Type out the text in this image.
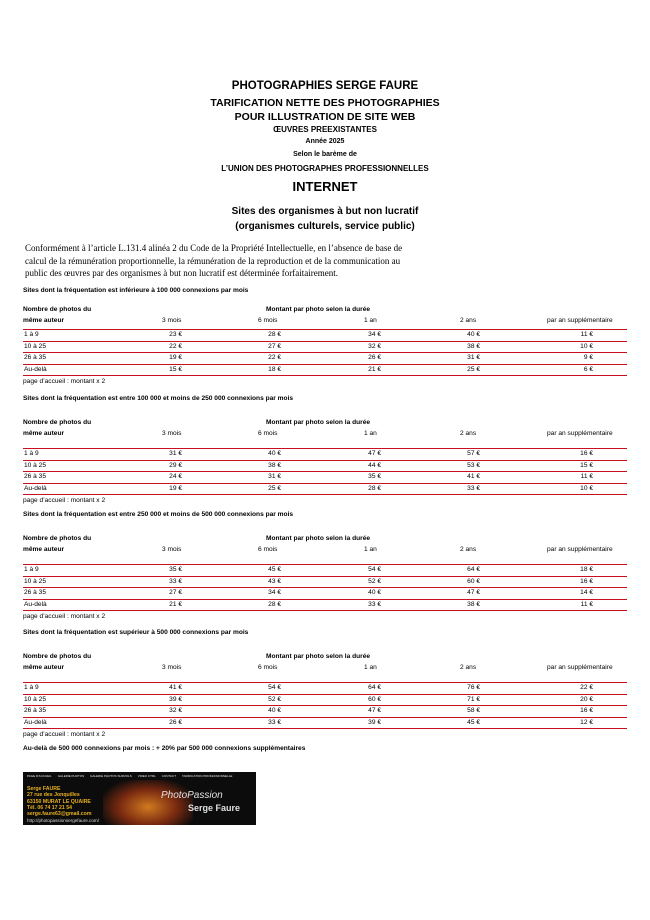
PHOTOGRAPHIES SERGE FAURE
TARIFICATION NETTE DES PHOTOGRAPHIES
POUR ILLUSTRATION DE SITE WEB
ŒUVRES PREEXISTANTES
Année 2025
Selon le barème de
L’UNION DES PHOTOGRAPHES PROFESSIONNELLES
INTERNET
Sites des organismes à but non lucratif
(organismes culturels, service public)

Conformément à l’article L.131.4 alinéa 2 du Code de la Propriété Intellectuelle, en l’absence de base de calcul de la rémunération proportionnelle, la rémunération de la reproduction et de la communication au public des œuvres par des organismes à but non lucratif est déterminée forfaitairement.

Sites dont la fréquentation est inférieure à 100 000 connexions par mois
Nombre de photos du
même auteur
Montant par photo selon la durée
3 mois	6 mois	1 an	2 ans	par an supplémentaire
1 à 9	23 €	28 €	34 €	40 €	11 €
10 à 25	22 €	27 €	32 €	38 €	10 €
26 à 35	19 €	22 €	26 €	31 €	9 €
Au-delà	15 €	18 €	21 €	25 €	6 €
page d’accueil : montant x 2
Sites dont la fréquentation est entre 100 000 et moins de 250 000 connexions par mois
Nombre de photos du
même auteur
Montant par photo selon la durée
3 mois	6 mois	1 an	2 ans	par an supplémentaire
1 à 9	31 €	40 €	47 €	57 €	16 €
10 à 25	29 €	38 €	44 €	53 €	15 €
26 à 35	24 €	31 €	35 €	41 €	11 €
Au-delà	19 €	25 €	28 €	33 €	10 €
page d’accueil : montant x 2
Sites dont la fréquentation est entre 250 000 et moins de 500 000 connexions par mois
Nombre de photos du
même auteur
Montant par photo selon la durée
3 mois	6 mois	1 an	2 ans	par an supplémentaire
1 à 9	35 €	45 €	54 €	64 €	18 €
10 à 25	33 €	43 €	52 €	60 €	16 €
26 à 35	27 €	34 €	40 €	47 €	14 €
Au-delà	21 €	28 €	33 €	38 €	11 €
page d’accueil : montant x 2
Sites dont la fréquentation est supérieur à 500 000 connexions par mois
Nombre de photos du
même auteur
Montant par photo selon la durée
3 mois	6 mois	1 an	2 ans	par an supplémentaire
1 à 9	41 €	54 €	64 €	76 €	22 €
10 à 25	39 €	52 €	60 €	71 €	20 €
26 à 35	32 €	40 €	47 €	58 €	16 €
Au-delà	26 €	33 €	39 €	45 €	12 €
page d’accueil : montant x 2
Au-delà de 500 000 connexions par mois : + 20% par 500 000 connexions supplémentaires
PAGE D'ACCUEIL GALERIE PHOTOS GALERIE PHOTOS SURVOLS VIDEO CTRL CONTACT TARIFICATION PROFESSIONNELLE
Serge FAURE
27 rue des Jonquilles
63150 MURAT LE QUAIRE
Tél. 06 74 17 21 54
serge.faure63@gmail.com
http://photopassionsergefaure.com/
PhotoPassion
Serge Faure
